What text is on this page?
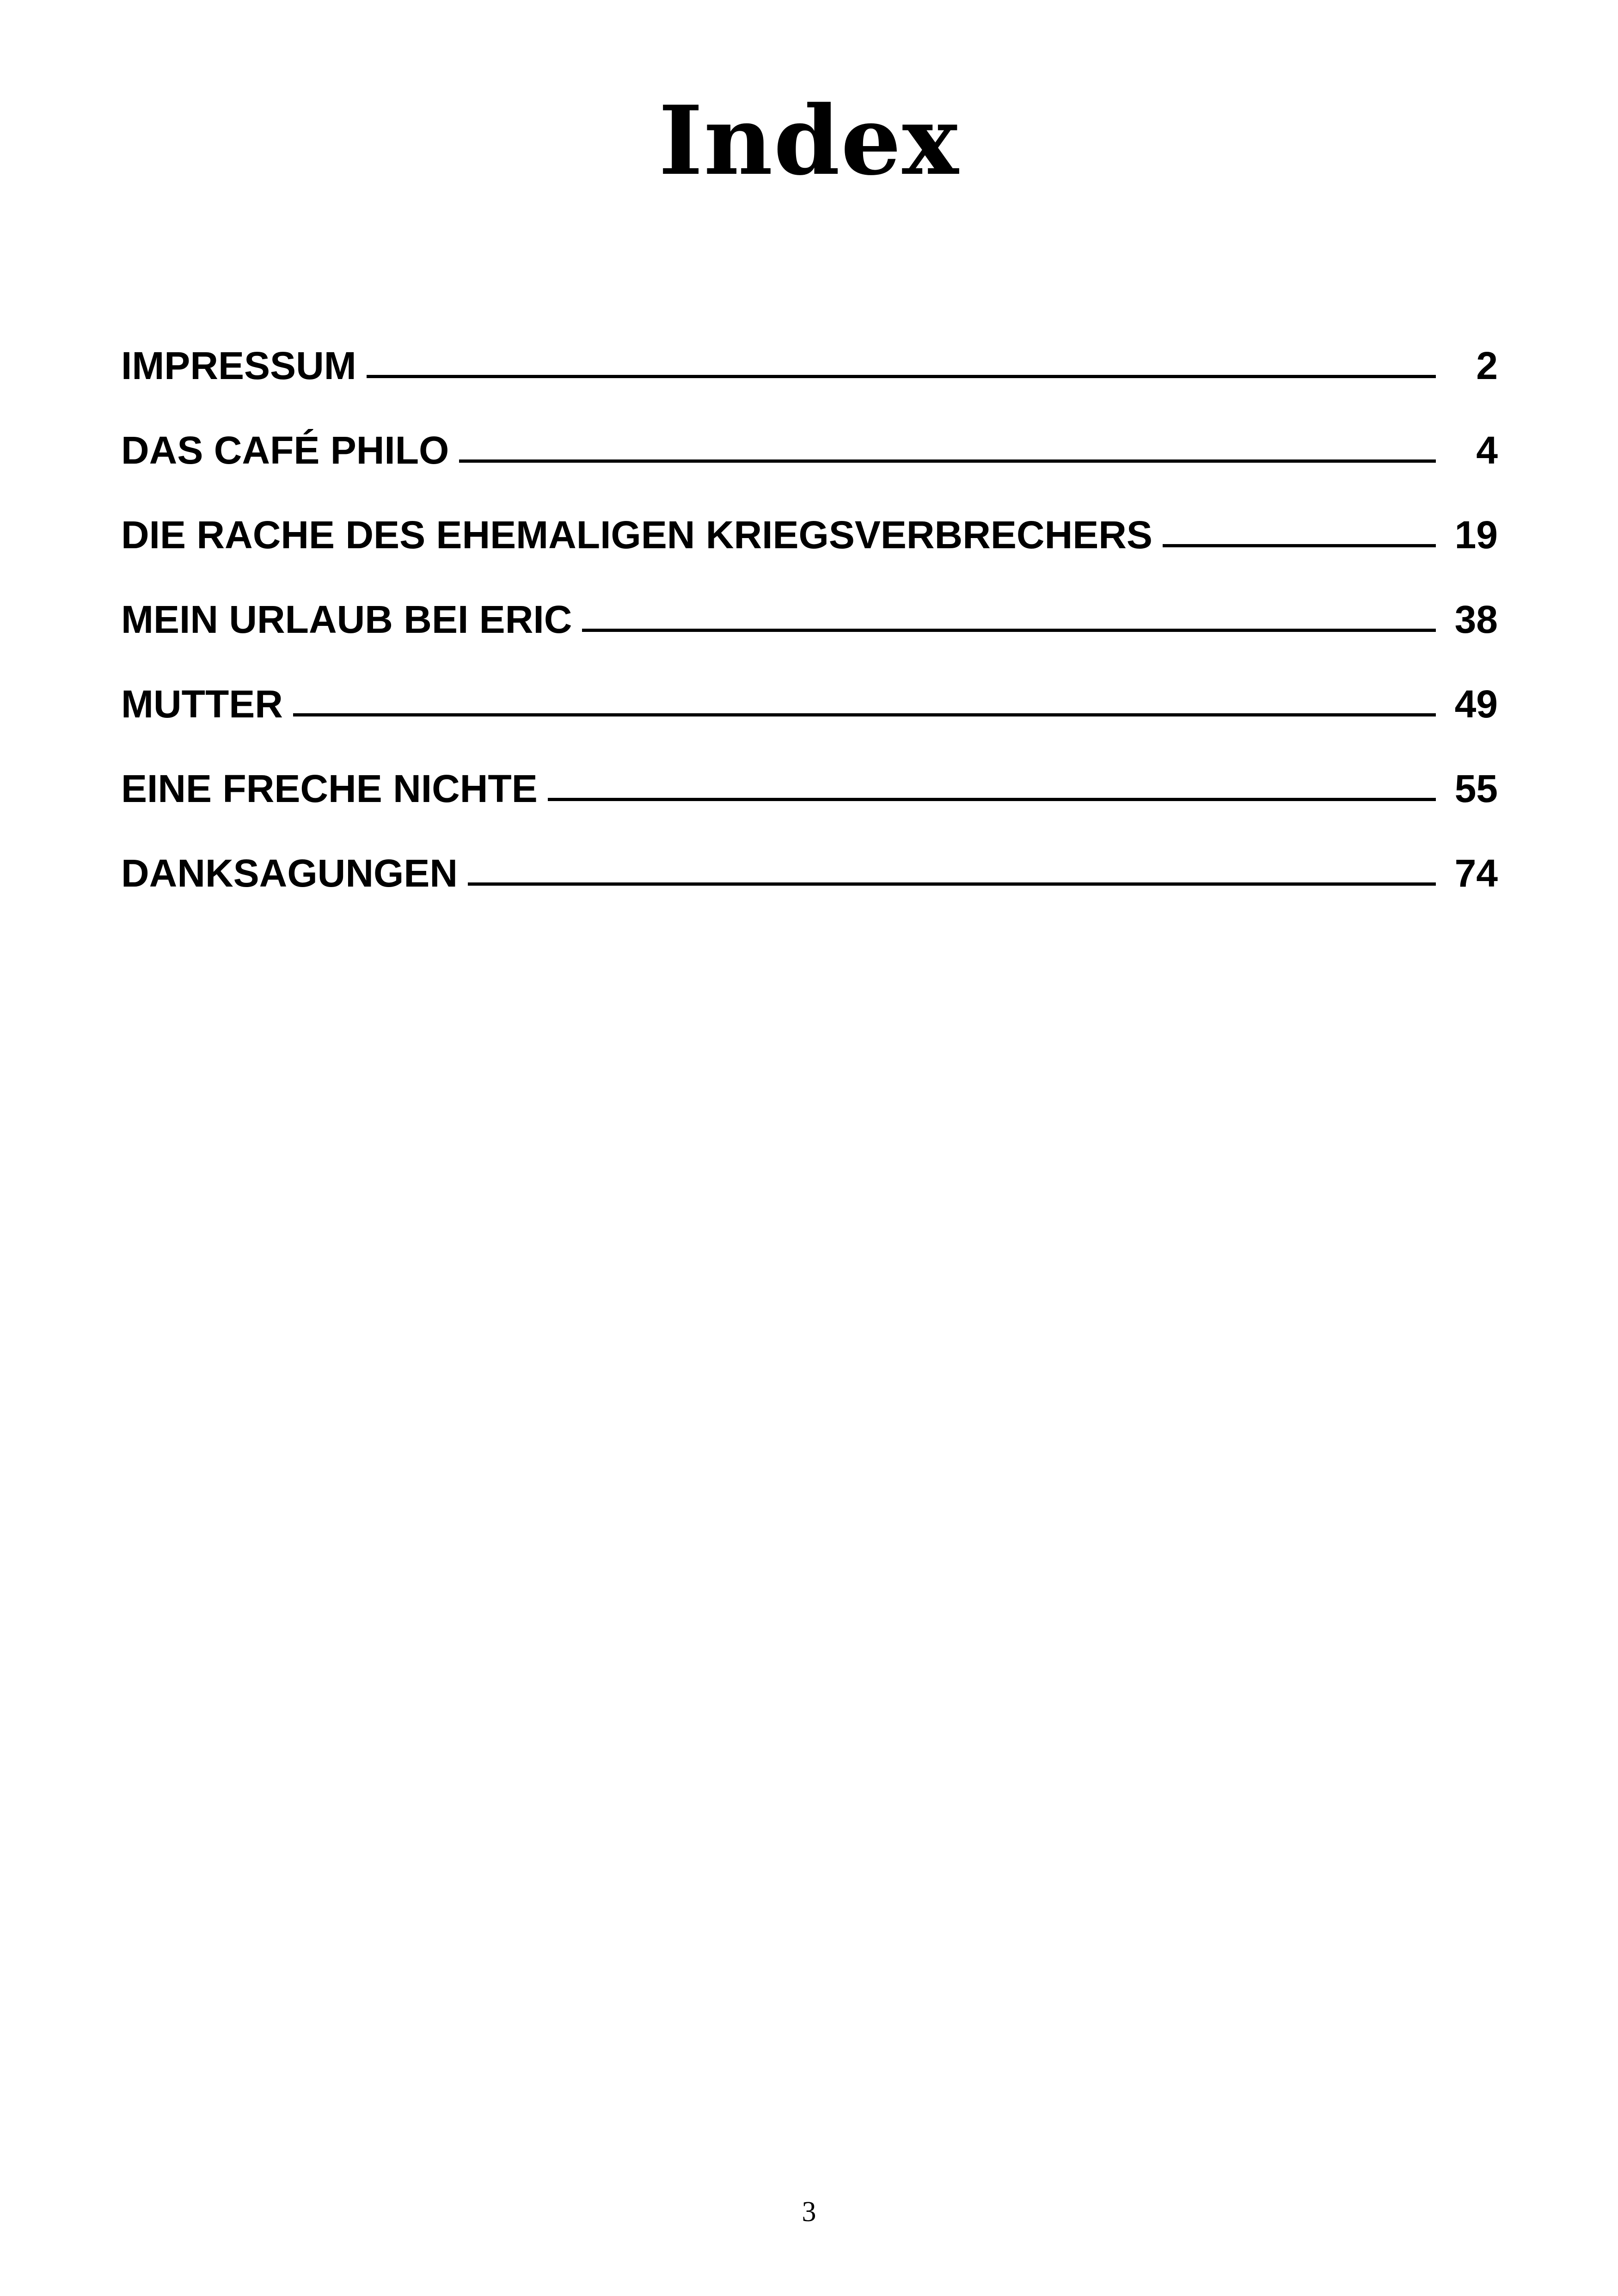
Index
IMPRESSUM	2
DAS CAFÉ PHILO	4
DIE RACHE DES EHEMALIGEN KRIEGSVERBRECHERS	19
MEIN URLAUB BEI ERIC	38
MUTTER	49
EINE FRECHE NICHTE	55
DANKSAGUNGEN	74

3
